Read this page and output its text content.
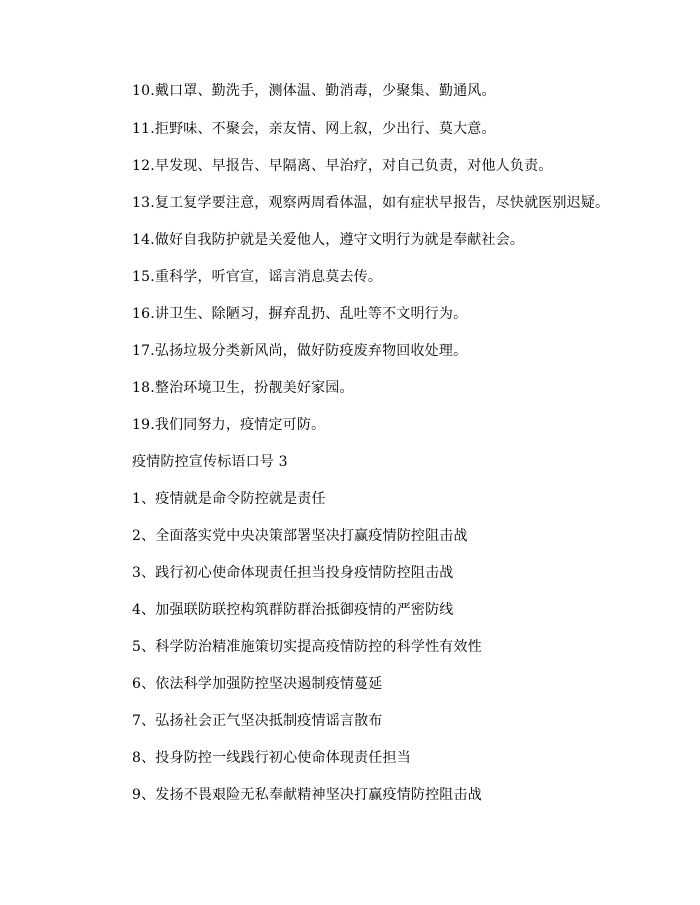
10.戴口罩、勤洗手，测体温、勤消毒，少聚集、勤通风。
11.拒野味、不聚会，亲友情、网上叙，少出行、莫大意。
12.早发现、早报告、早隔离、早治疗，对自己负责，对他人负责。
13.复工复学要注意，观察两周看体温，如有症状早报告，尽快就医别迟疑。
14.做好自我防护就是关爱他人，遵守文明行为就是奉献社会。
15.重科学，听官宣，谣言消息莫去传。
16.讲卫生、除陋习，摒弃乱扔、乱吐等不文明行为。
17.弘扬垃圾分类新风尚，做好防疫废弃物回收处理。
18.整治环境卫生，扮靓美好家园。
19.我们同努力，疫情定可防。
疫情防控宣传标语口号 3
1、疫情就是命令防控就是责任
2、全面落实党中央决策部署坚决打赢疫情防控阻击战
3、践行初心使命体现责任担当投身疫情防控阻击战
4、加强联防联控构筑群防群治抵御疫情的严密防线
5、科学防治精准施策切实提高疫情防控的科学性有效性
6、依法科学加强防控坚决遏制疫情蔓延
7、弘扬社会正气坚决抵制疫情谣言散布
8、投身防控一线践行初心使命体现责任担当
9、发扬不畏艰险无私奉献精神坚决打赢疫情防控阻击战
